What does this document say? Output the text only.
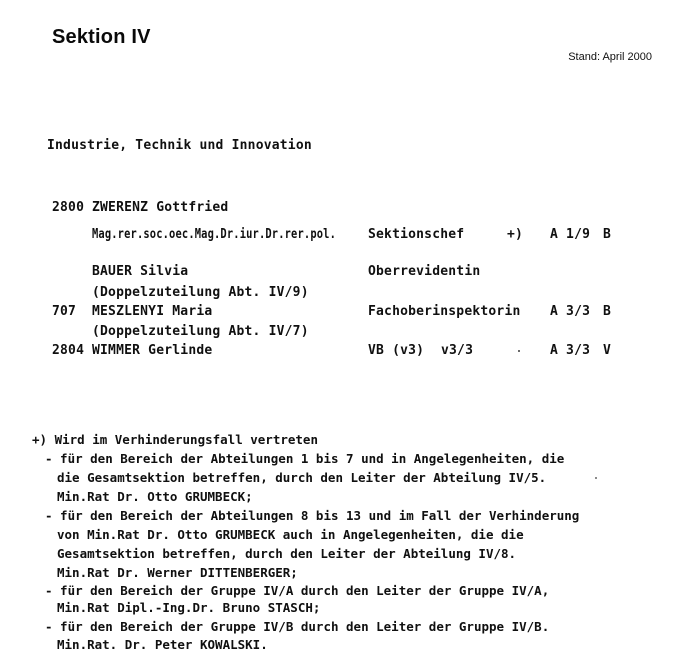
Sektion IV
Stand: April 2000
Industrie, Technik und Innovation
2800 ZWERENZ Gottfried
Mag.rer.soc.oec.Mag.Dr.iur.Dr.rer.pol. Sektionschef	+) A 1/9 B
BAUER Silvia	Oberrevidentin
(Doppelzuteilung Abt. IV/9)
707 MESZLENYI Maria	Fachoberinspektorin A 3/3 B
(Doppelzuteilung Abt. IV/7)
2804 WIMMER Gerlinde	VB (v3) v3/3	A 3/3 V
+) Wird im Verhinderungsfall vertreten
- für den Bereich der Abteilungen 1 bis 7 und in Angelegenheiten, die
die Gesamtsektion betreffen, durch den Leiter der Abteilung IV/5.
Min.Rat Dr. Otto GRUMBECK;
- für den Bereich der Abteilungen 8 bis 13 und im Fall der Verhinderung
von Min.Rat Dr. Otto GRUMBECK auch in Angelegenheiten, die die
Gesamtsektion betreffen, durch den Leiter der Abteilung IV/8.
Min.Rat Dr. Werner DITTENBERGER;
- für den Bereich der Gruppe IV/A durch den Leiter der Gruppe IV/A,
Min.Rat Dipl.-Ing.Dr. Bruno STASCH;
- für den Bereich der Gruppe IV/B durch den Leiter der Gruppe IV/B.
Min.Rat. Dr. Peter KOWALSKI.
